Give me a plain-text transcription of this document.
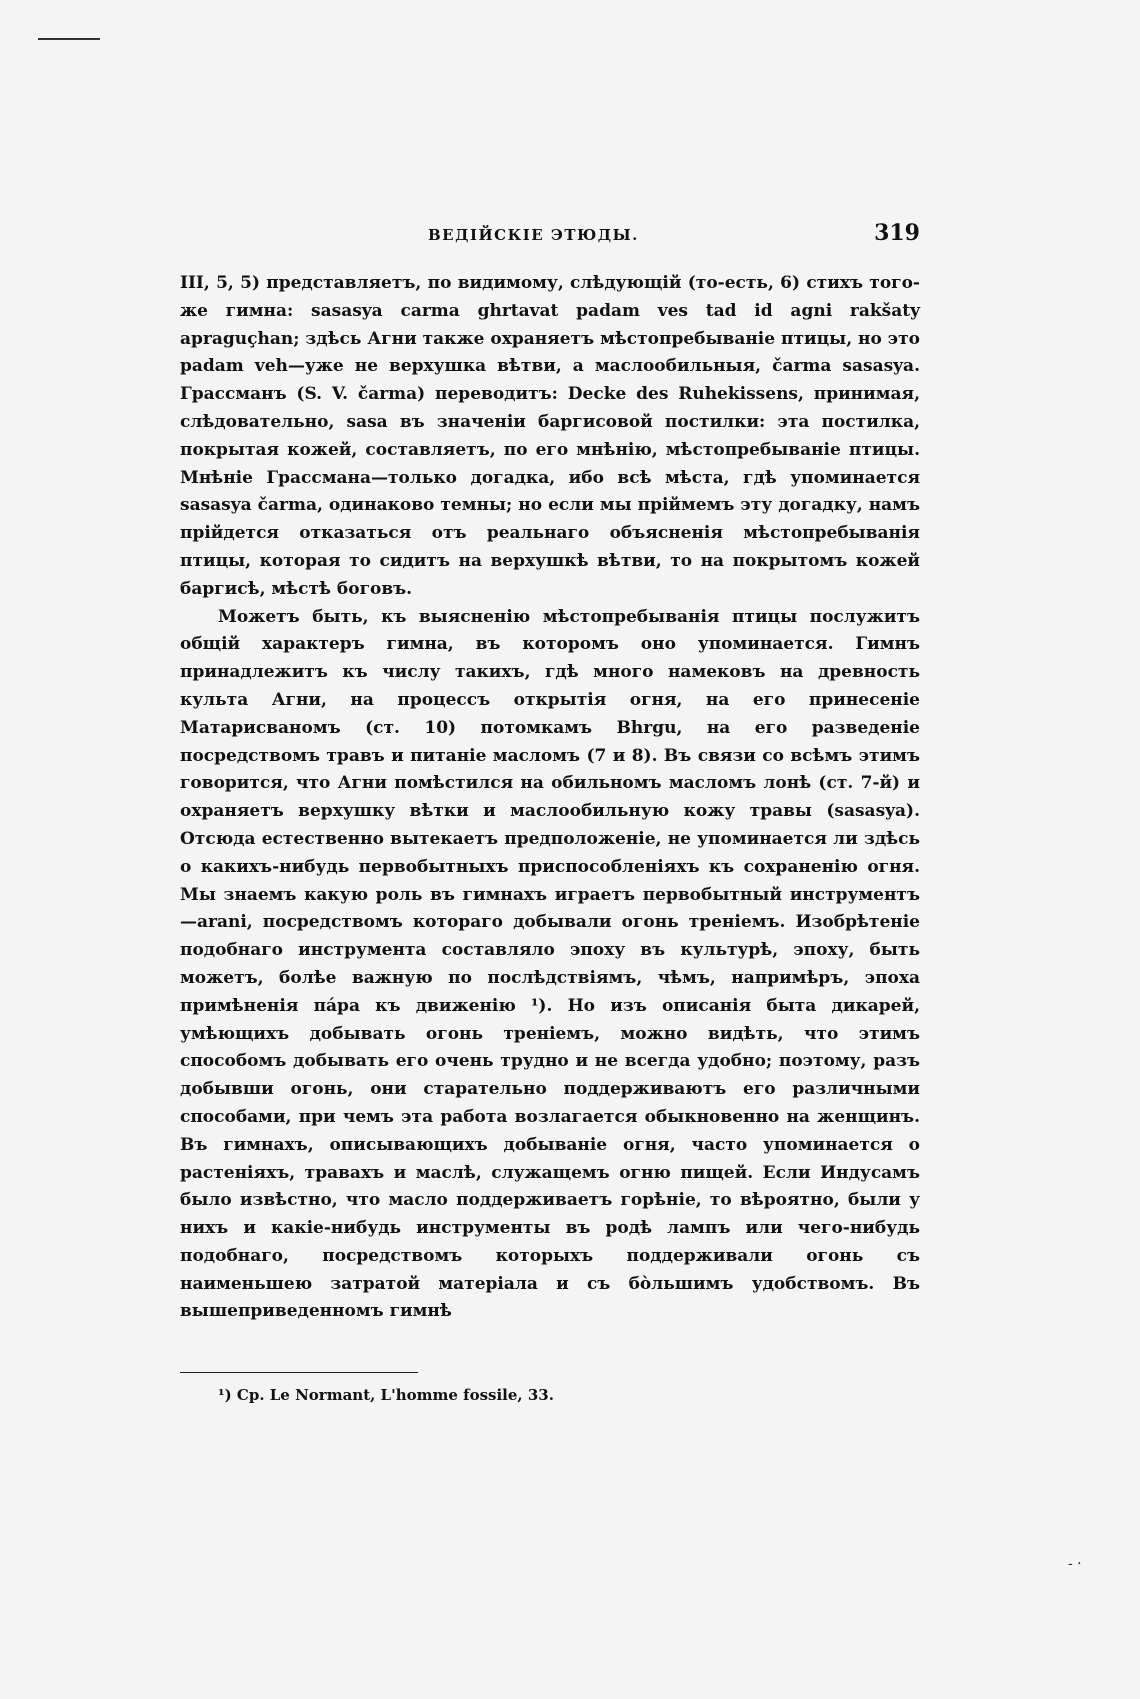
ВЕДІЙСКІЕ ЭТЮДЫ.	319

III, 5, 5) представляетъ, по видимому, слѣдующій (то-есть, 6) стихъ того-же гимна: sasasya carma ghrtavat padam ves tad id agni rakšaty aprаguçhan; здѣсь Агни также охраняетъ мѣстопребываніе птицы, но это padam veh—уже не верхушка вѣтви, а маслообильныя, čarma sasasya. Грассманъ (S. V. čarma) переводитъ: Decke des Ruhekissens, принимая, слѣдовательно, sasa въ значеніи баргисовой постилки: эта постилка, покрытая кожей, составляетъ, по его мнѣнію, мѣстопребываніе птицы. Мнѣніе Грассмана—только догадка, ибо всѣ мѣста, гдѣ упоминается sasasya čarma, одинаково темны; но если мы пріймемъ эту догадку, намъ прійдется отказаться отъ реальнаго объясненія мѣстопребыванія птицы, которая то сидитъ на верхушкѣ вѣтви, то на покрытомъ кожей баргисѣ, мѣстѣ боговъ.

Можетъ быть, къ выясненію мѣстопребыванія птицы послужитъ общій характеръ гимна, въ которомъ оно упоминается. Гимнъ принадлежитъ къ числу такихъ, гдѣ много намековъ на древность культа Агни, на процессъ открытія огня, на его принесеніе Матарисваномъ (ст. 10) потомкамъ Bhrgu, на его разведеніе посредствомъ травъ и питаніе масломъ (7 и 8). Въ связи со всѣмъ этимъ говорится, что Агни помѣстился на обильномъ масломъ лонѣ (ст. 7-й) и охраняетъ верхушку вѣтки и маслообильную кожу травы (sasasya). Отсюда естественно вытекаетъ предположеніе, не упоминается ли здѣсь о какихъ-нибудь первобытныхъ приспособленіяхъ къ сохраненію огня. Мы знаемъ какую роль въ гимнахъ играетъ первобытный инструментъ—arani, посредствомъ котораго добывали огонь треніемъ. Изобрѣтеніе подобнаго инструмента составляло эпоху въ культурѣ, эпоху, быть можетъ, болѣе важную по послѣдствіямъ, чѣмъ, напримѣръ, эпоха примѣненія пáра къ движенію ¹). Но изъ описанія быта дикарей, умѣющихъ добывать огонь треніемъ, можно видѣть, что этимъ способомъ добывать его очень трудно и не всегда удобно; поэтому, разъ добывши огонь, они старательно поддерживаютъ его различными способами, при чемъ эта работа возлагается обыкновенно на женщинъ. Въ гимнахъ, описывающихъ добываніе огня, часто упоминается о растеніяхъ, травахъ и маслѣ, служащемъ огню пищей. Если Индусамъ было извѣстно, что масло поддерживаетъ горѣніе, то вѣроятно, были у нихъ и какіе-нибудь инструменты въ родѣ лампъ или чего-нибудь подобнаго, посредствомъ которыхъ поддерживали огонь съ наименьшею затратой матеріала и съ бо̀льшимъ удобствомъ. Въ вышеприведенномъ гимнѣ

¹) Ср. Le Normant, L'homme fossile, 33.
- ·
